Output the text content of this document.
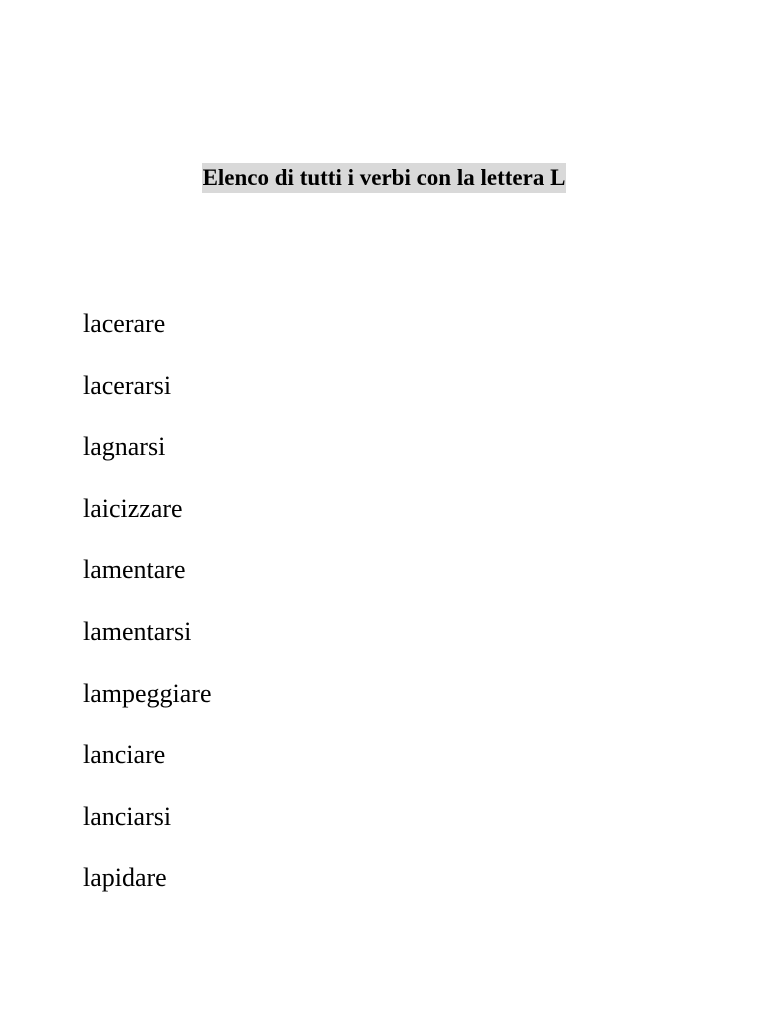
Elenco di tutti i verbi con la lettera L
lacerare
lacerarsi
lagnarsi
laicizzare
lamentare
lamentarsi
lampeggiare
lanciare
lanciarsi
lapidare
